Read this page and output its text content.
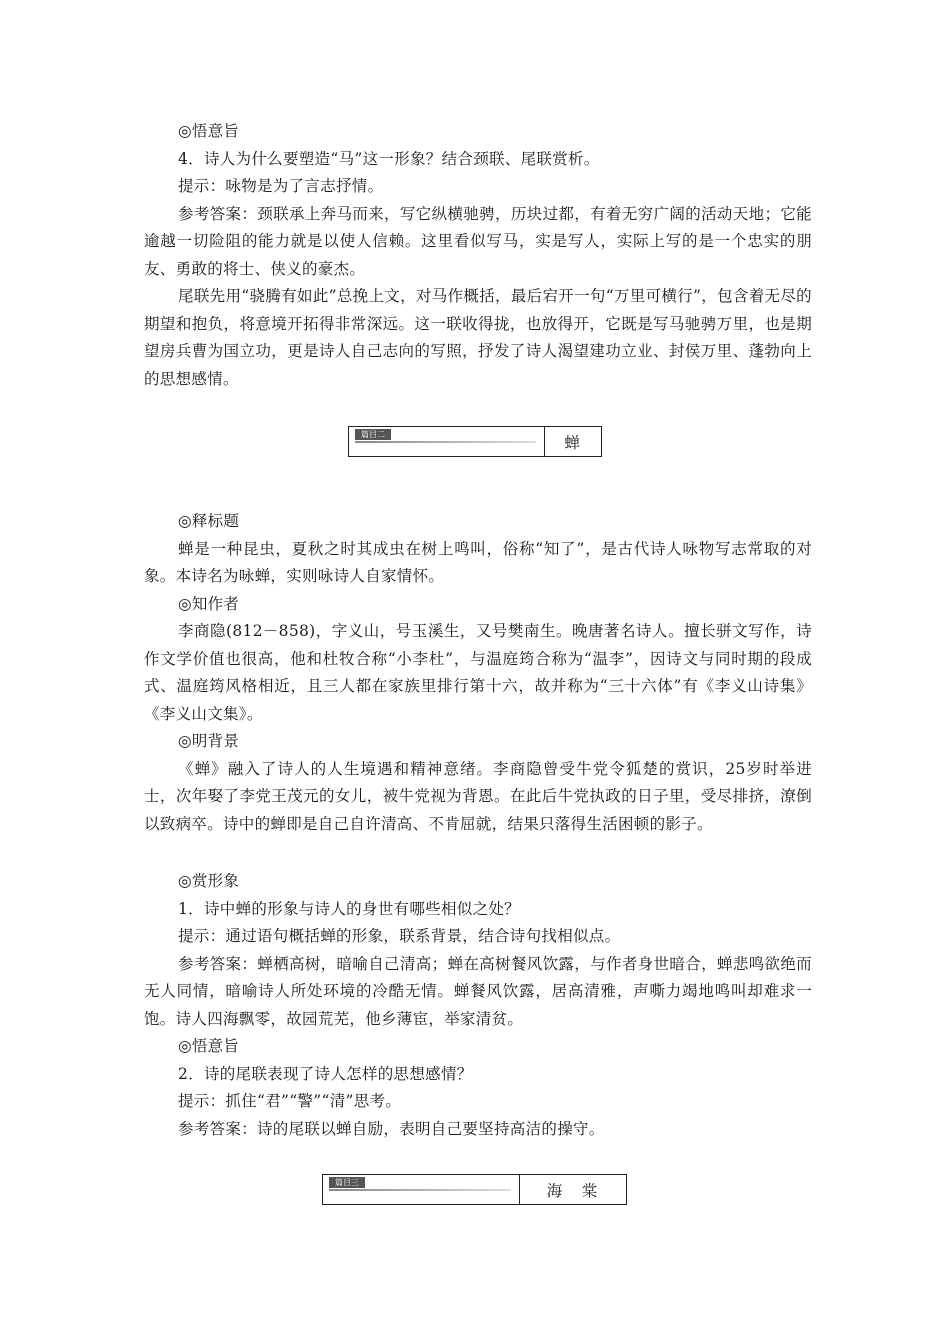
◎悟意旨

4．诗人为什么要塑造“马”这一形象？结合颈联、尾联赏析。

提示：咏物是为了言志抒情。

参考答案：颈联承上奔马而来，写它纵横驰骋，历块过都，有着无穷广阔的活动天地；它能逾越一切险阻的能力就是以使人信赖。这里看似写马，实是写人，实际上写的是一个忠实的朋友、勇敢的将士、侠义的豪杰。

尾联先用“骁腾有如此”总挽上文，对马作概括，最后宕开一句“万里可横行”，包含着无尽的期望和抱负，将意境开拓得非常深远。这一联收得拢，也放得开，它既是写马驰骋万里，也是期望房兵曹为国立功，更是诗人自己志向的写照，抒发了诗人渴望建功立业、封侯万里、蓬勃向上的思想感情。

篇目二	蝉
◎释标题

蝉是一种昆虫，夏秋之时其成虫在树上鸣叫，俗称“知了”，是古代诗人咏物写志常取的对象。本诗名为咏蝉，实则咏诗人自家情怀。

◎知作者

李商隐(812－858)，字义山，号玉溪生，又号樊南生。晚唐著名诗人。擅长骈文写作，诗作文学价值也很高，他和杜牧合称“小李杜”，与温庭筠合称为“温李”，因诗文与同时期的段成式、温庭筠风格相近，且三人都在家族里排行第十六，故并称为“三十六体”有《李义山诗集》《李义山文集》。

◎明背景

《蝉》融入了诗人的人生境遇和精神意绪。李商隐曾受牛党令狐楚的赏识，25岁时举进士，次年娶了李党王茂元的女儿，被牛党视为背恩。在此后牛党执政的日子里，受尽排挤，潦倒以致病卒。诗中的蝉即是自己自许清高、不肯屈就，结果只落得生活困顿的影子。

◎赏形象

1．诗中蝉的形象与诗人的身世有哪些相似之处？

提示：通过语句概括蝉的形象，联系背景，结合诗句找相似点。

参考答案：蝉栖高树，暗喻自己清高；蝉在高树餐风饮露，与作者身世暗合，蝉悲鸣欲绝而无人同情，暗喻诗人所处环境的冷酷无情。蝉餐风饮露，居高清雅，声嘶力竭地鸣叫却难求一饱。诗人四海飘零，故园荒芜，他乡薄宦，举家清贫。

◎悟意旨

2．诗的尾联表现了诗人怎样的思想感情？

提示：抓住“君”“警”“清”思考。

参考答案：诗的尾联以蝉自励，表明自己要坚持高洁的操守。

篇目三	海　棠
